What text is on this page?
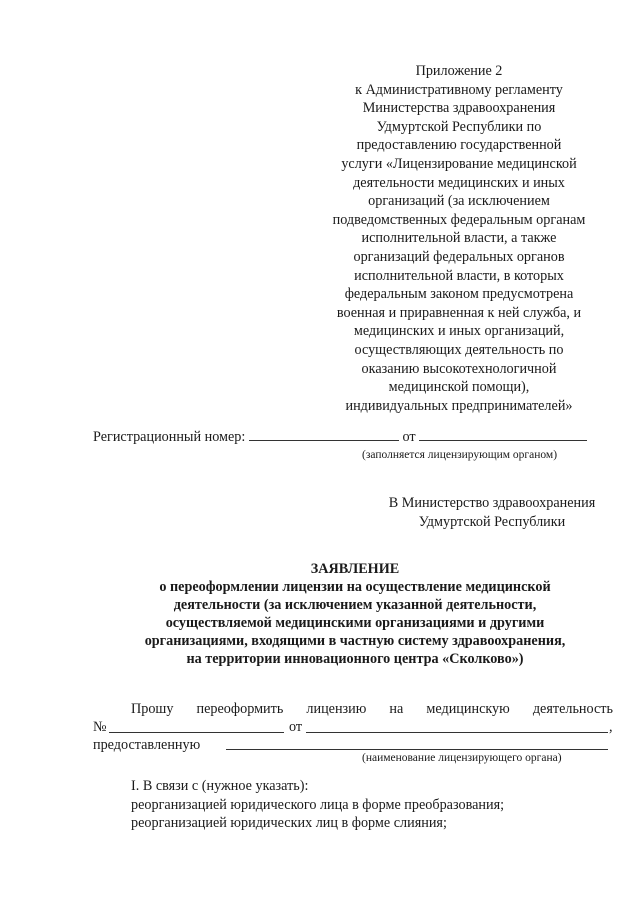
Приложение 2
к Административному регламенту
Министерства здравоохранения
Удмуртской Республики по
предоставлению государственной
услуги «Лицензирование медицинской
деятельности медицинских и иных
организаций (за исключением
подведомственных федеральным органам
исполнительной власти, а также
организаций федеральных органов
исполнительной власти, в которых
федеральным законом предусмотрена
военная и приравненная к ней служба, и
медицинских и иных организаций,
осуществляющих деятельность по
оказанию высокотехнологичной
медицинской помощи),
индивидуальных предпринимателей»
Регистрационный номер:	от
(заполняется лицензирующим органом)
В Министерство здравоохранения
Удмуртской Республики
ЗАЯВЛЕНИЕ
о переоформлении лицензии на осуществление медицинской
деятельности (за исключением указанной деятельности,
осуществляемой медицинскими организациями и другими
организациями, входящими в частную систему здравоохранения,
на территории инновационного центра «Сколково»)
Прошу переоформить лицензию на медицинскую деятельность
№	от	,
предоставленную
(наименование лицензирующего органа)
I. В связи с (нужное указать):
реорганизацией юридического лица в форме преобразования;
реорганизацией юридических лиц в форме слияния;
